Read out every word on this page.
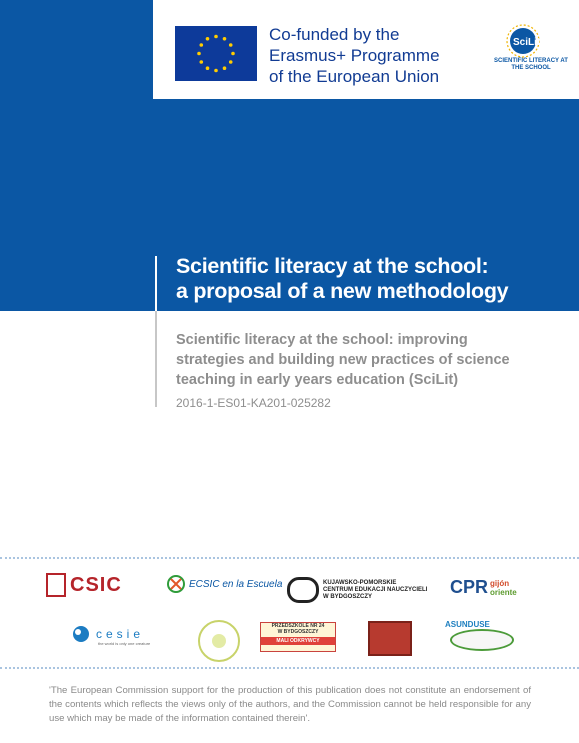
Co-funded by the
Erasmus+ Programme
of the European Union
SciLit
SCIENTIFIC LITERACY AT THE SCHOOL
Scientific literacy at the school:
a proposal of a new methodology
Scientific literacy at the school: improving strategies and building new practices of science teaching in early years education (SciLit)
2016-1-ES01-KA201-025282
CSIC	ECSIC en la Escuela	KUJAWSKO-POMORSKIE
CENTRUM EDUKACJI NAUCZYCIELI
W BYDGOSZCZY	CPR gijón
oriente
cesie
the world is only one creature
PRZEDSZKOLE NR 24
W BYDGOSZCZY
MALI ODKRYWCY
ASUNDUSE
'The European Commission support for the production of this publication does not constitute an endorsement of the contents which reflects the views only of the authors, and the Commission cannot be held responsible for any use which may be made of the information contained therein'.
